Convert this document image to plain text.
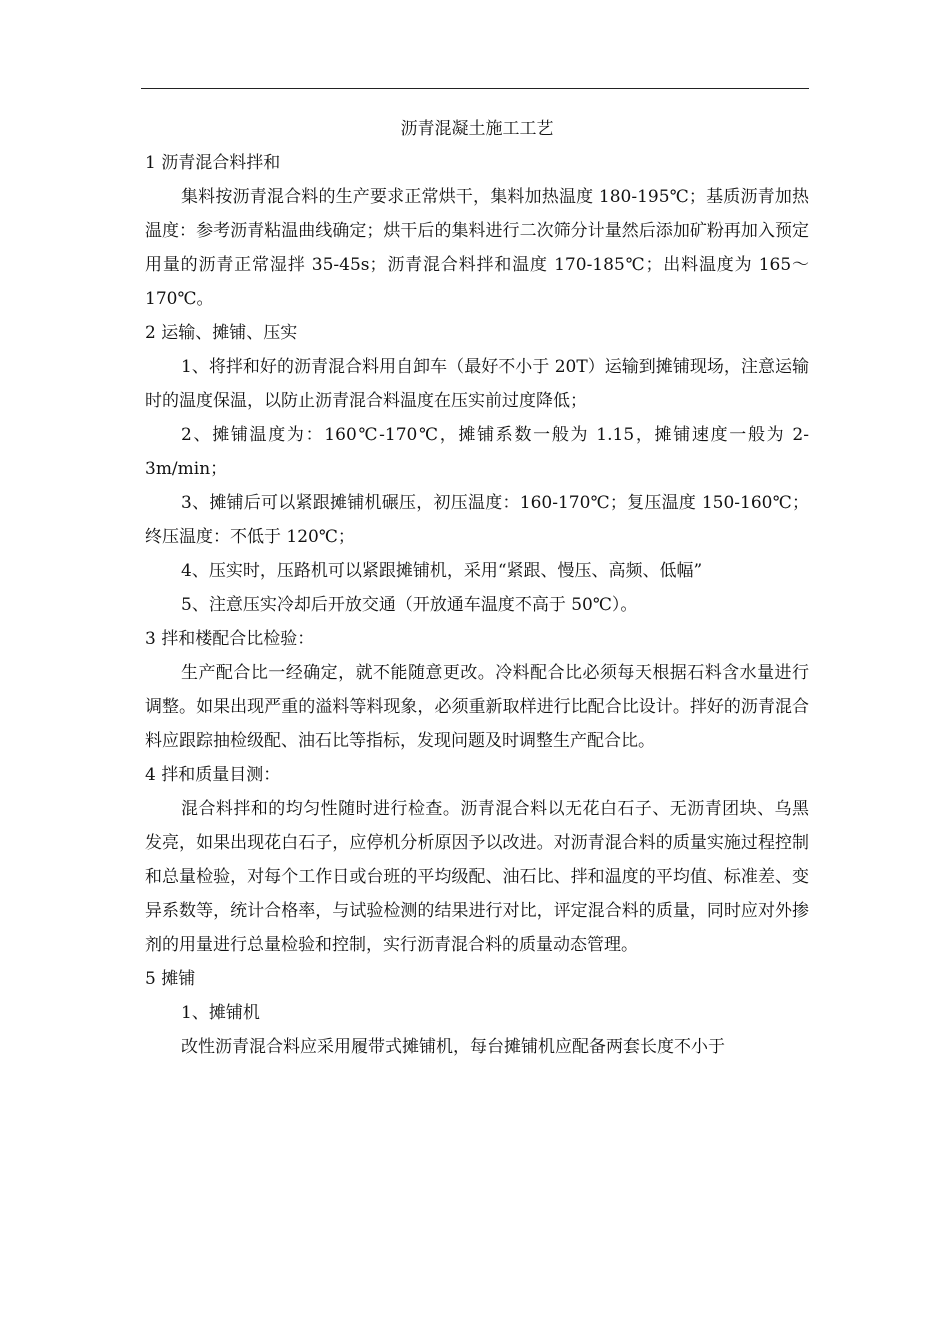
沥青混凝土施工工艺

1 沥青混合料拌和

集料按沥青混合料的生产要求正常烘干，集料加热温度 180-195℃；基质沥青加热温度：参考沥青粘温曲线确定；烘干后的集料进行二次筛分计量然后添加矿粉再加入预定用量的沥青正常湿拌 35-45s；沥青混合料拌和温度 170-185℃；出料温度为 165～170℃。

2 运输、摊铺、压实

1、将拌和好的沥青混合料用自卸车（最好不小于 20T）运输到摊铺现场，注意运输时的温度保温，以防止沥青混合料温度在压实前过度降低；

2、摊铺温度为：160℃-170℃，摊铺系数一般为 1.15，摊铺速度一般为 2-3m/min；

3、摊铺后可以紧跟摊铺机碾压，初压温度：160-170℃；复压温度 150-160℃；终压温度：不低于 120℃；

4、压实时，压路机可以紧跟摊铺机，采用“紧跟、慢压、高频、低幅”

5、注意压实冷却后开放交通（开放通车温度不高于 50℃）。

3 拌和楼配合比检验：

生产配合比一经确定，就不能随意更改。冷料配合比必须每天根据石料含水量进行调整。如果出现严重的溢料等料现象，必须重新取样进行比配合比设计。拌好的沥青混合料应跟踪抽检级配、油石比等指标，发现问题及时调整生产配合比。

4 拌和质量目测：

混合料拌和的均匀性随时进行检查。沥青混合料以无花白石子、无沥青团块、乌黑发亮，如果出现花白石子，应停机分析原因予以改进。对沥青混合料的质量实施过程控制和总量检验，对每个工作日或台班的平均级配、油石比、拌和温度的平均值、标准差、变异系数等，统计合格率，与试验检测的结果进行对比，评定混合料的质量，同时应对外掺剂的用量进行总量检验和控制，实行沥青混合料的质量动态管理。

5 摊铺

1、摊铺机

改性沥青混合料应采用履带式摊铺机，每台摊铺机应配备两套长度不小于
